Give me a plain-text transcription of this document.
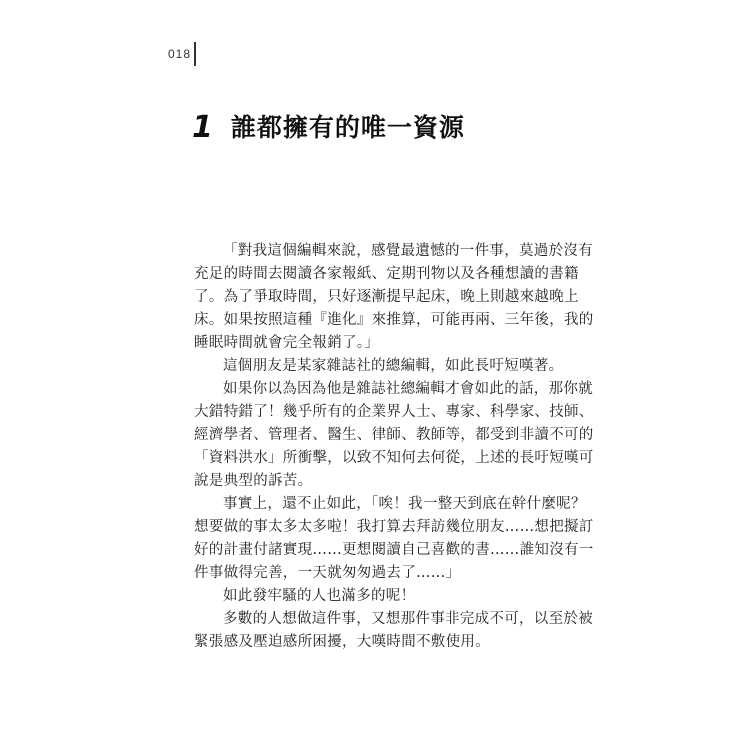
018
1 誰都擁有的唯一資源
「對我這個編輯來說，感覺最遺憾的一件事，莫過於沒有
充足的時間去閱讀各家報紙、定期刊物以及各種想讀的書籍
了。為了爭取時間，只好逐漸提早起床，晚上則越來越晚上
床。如果按照這種『進化』來推算，可能再兩、三年後，我的
睡眠時間就會完全報銷了。」
這個朋友是某家雜誌社的總編輯，如此長吁短嘆著。
如果你以為因為他是雜誌社總編輯才會如此的話，那你就
大錯特錯了！幾乎所有的企業界人士、專家、科學家、技師、
經濟學者、管理者、醫生、律師、教師等，都受到非讀不可的
「資料洪水」所衝擊，以致不知何去何從，上述的長吁短嘆可
說是典型的訴苦。
事實上，還不止如此，「唉！我一整天到底在幹什麼呢？
想要做的事太多太多啦！我打算去拜訪幾位朋友……想把擬訂
好的計畫付諸實現……更想閱讀自己喜歡的書……誰知沒有一
件事做得完善，一天就匆匆過去了……」
如此發牢騷的人也滿多的呢！
多數的人想做這件事，又想那件事非完成不可，以至於被
緊張感及壓迫感所困擾，大嘆時間不敷使用。
